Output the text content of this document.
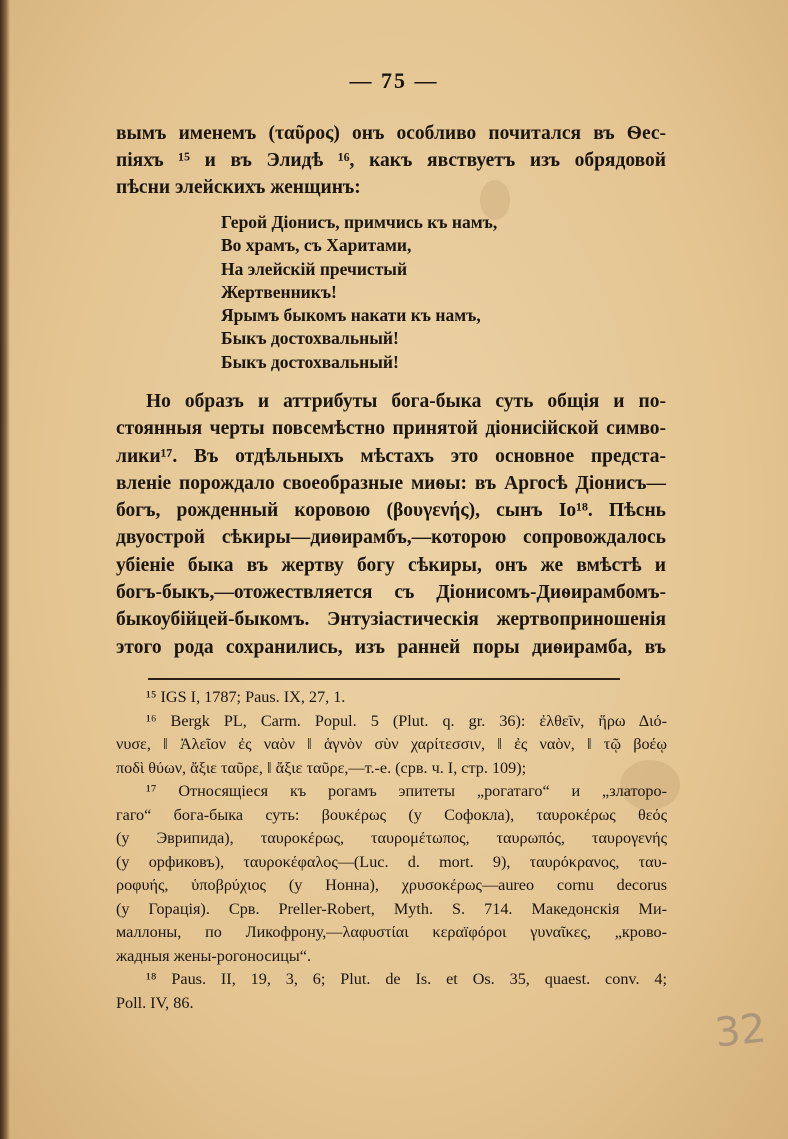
— 75 —
вымъ именемъ (ταῦρος) онъ особливо почитался въ Ѳес-
піяхъ ¹⁵ и въ Элидѣ ¹⁶, какъ явствуетъ изъ обрядовой
пѣсни элейскихъ женщинъ:
Герой Діонисъ, примчись къ намъ,
Во храмъ, съ Харитами,
На элейскій пречистый
Жертвенникъ!
Ярымъ быкомъ накати къ намъ,
Быкъ достохвальный!
Быкъ достохвальный!
Но образъ и аттрибуты бога-быка суть общія и по-
стоянныя черты повсемѣстно принятой діонисійской симво-
лики¹⁷. Въ отдѣльныхъ мѣстахъ это основное предста-
вленіе порождало своеобразные миѳы: въ Аргосѣ Діонисъ—
богъ, рожденный коровою (βουγενής), сынъ Іо¹⁸. Пѣснь
двуострой сѣкиры—диѳирамбъ,—которою сопровождалось
убіеніе быка въ жертву богу сѣкиры, онъ же вмѣстѣ и
богъ-быкъ,—отожествляется съ Діонисомъ-Диѳирамбомъ-
быкоубійцей-быкомъ. Энтузіастическія жертвоприношенія
этого рода сохранились, изъ ранней поры диѳирамба, въ
¹⁵ IGS I, 1787; Paus. IX, 27, 1.
¹⁶ Bergk PL, Carm. Popul. 5 (Plut. q. gr. 36): ἐλθεῖν, ἥρω Διό-
νυσε, ‖ Ἀλεῖον ἐς ναὸν ‖ ἁγνὸν σὺν χαρίτεσσιν, ‖ ἐς ναὸν, ‖ τῷ βοέῳ
ποδὶ θύων, ἄξιε ταῦρε, ‖ ἄξιε ταῦρε,—т.-е. (срв. ч. I, стр. 109);
¹⁷ Относящіеся къ рогамъ эпитеты „рогатаго“ и „златоро-
гаго“ бога-быка суть: βουκέρως (у Софокла), ταυροκέρως θεός
(у Эврипида), ταυροκέρως, ταυρομέτωπος, ταυρωπός, ταυρογενής
(у орфиковъ), ταυροκέφαλος—(Luc. d. mort. 9), ταυρόκρανος, ταυ-
ροφυής, ὑποβρύχιος (у Нонна), χρυσοκέρως—aureo cornu decorus
(у Горація). Срв. Preller-Robert, Myth. S. 714. Македонскія Ми-
маллоны, по Ликофрону,—λαφυστίαι κεραïφόροι γυναῖκες, „крово-
жадныя жены-рогоносицы“.
¹⁸ Paus. II, 19, 3, 6; Plut. de Is. et Os. 35, quaest. conv. 4;
Poll. IV, 86.
32
